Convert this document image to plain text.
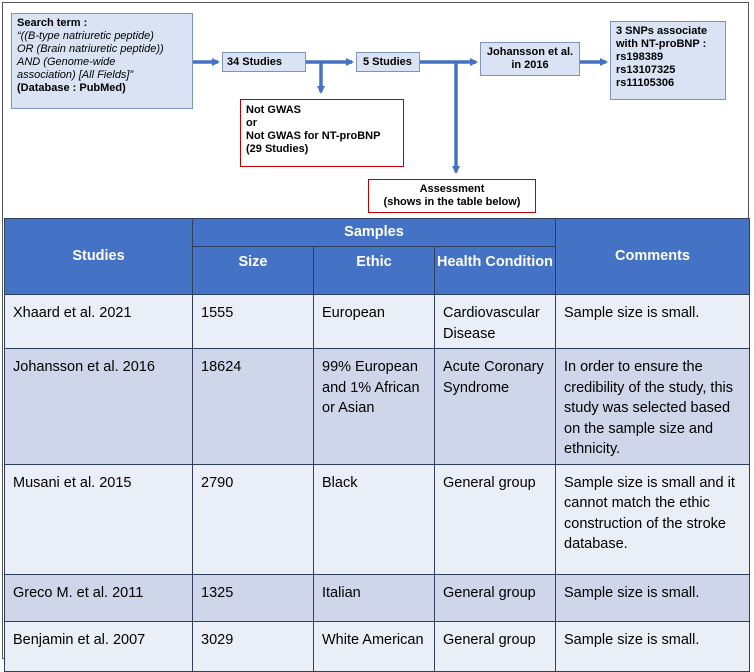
Search term :
“((B-type natriuretic peptide)
OR (Brain natriuretic peptide))
AND (Genome-wide
association) [All Fields]”
(Database : PubMed)
34 Studies	5 Studies
Johansson et al.
in 2016
3 SNPs associate
with NT-proBNP :
rs198389
rs13107325
rs11105306
Not GWAS
or
Not GWAS for NT-proBNP
(29 Studies)
Assessment
(shows in the table below)
Studies	Samples			Comments
	Size	Ethic	Health Condition	
Xhaard et al. 2021	1555	European	Cardiovascular Disease	Sample size is small.
Johansson et al. 2016	18624	99% European and 1% African or Asian	Acute Coronary Syndrome	In order to ensure the credibility of the study, this study was selected based on the sample size and ethnicity.
Musani et al. 2015	2790	Black	General group	Sample size is small and it cannot match the ethic construction of the stroke database.
Greco M. et al. 2011	1325	Italian	General group	Sample size is small.
Benjamin et al. 2007	3029	White American	General group	Sample size is small.
